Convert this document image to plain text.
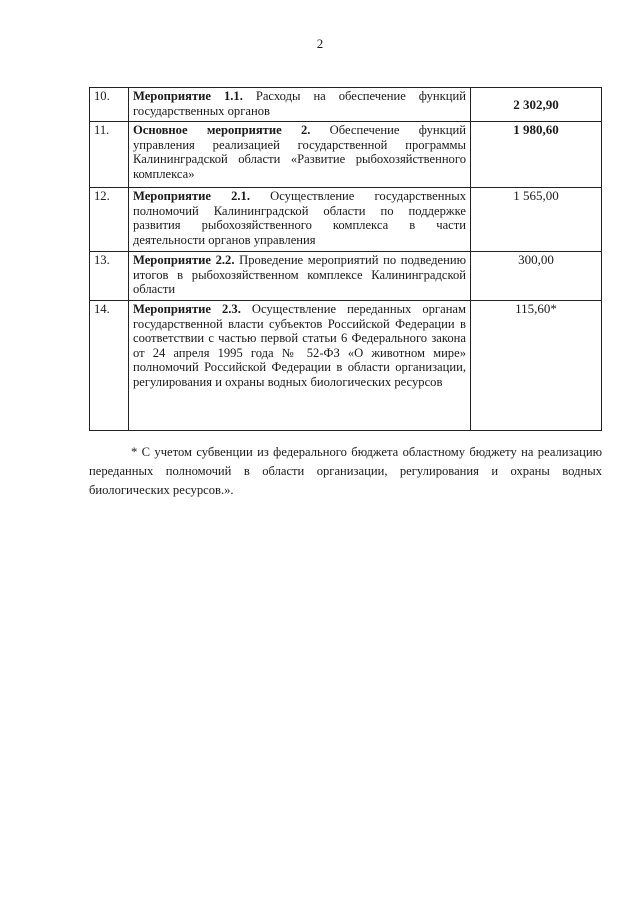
2
10.	Мероприятие 1.1. Расходы на обеспечение функций государственных органов	2 302,90
11.	Основное мероприятие 2. Обеспечение функций управления реализацией государственной программы Калининградской области «Развитие рыбохозяйственного комплекса»	1 980,60
12.	Мероприятие 2.1. Осуществление государственных полномочий Калининградской области по поддержке развития рыбохозяйственного комплекса в части деятельности органов управления	1 565,00
13.	Мероприятие 2.2. Проведение мероприятий по подведению итогов в рыбохозяйственном комплексе Калининградской области	300,00
14.	Мероприятие 2.3. Осуществление переданных органам государственной власти субъектов Российской Федерации в соответствии с частью первой статьи 6 Федерального закона от 24 апреля 1995 года № 52-ФЗ «О животном мире» полномочий Российской Федерации в области организации, регулирования и охраны водных биологических ресурсов	115,60*
* С учетом субвенции из федерального бюджета областному бюджету на реализацию переданных полномочий в области организации, регулирования и охраны водных биологических ресурсов.».
